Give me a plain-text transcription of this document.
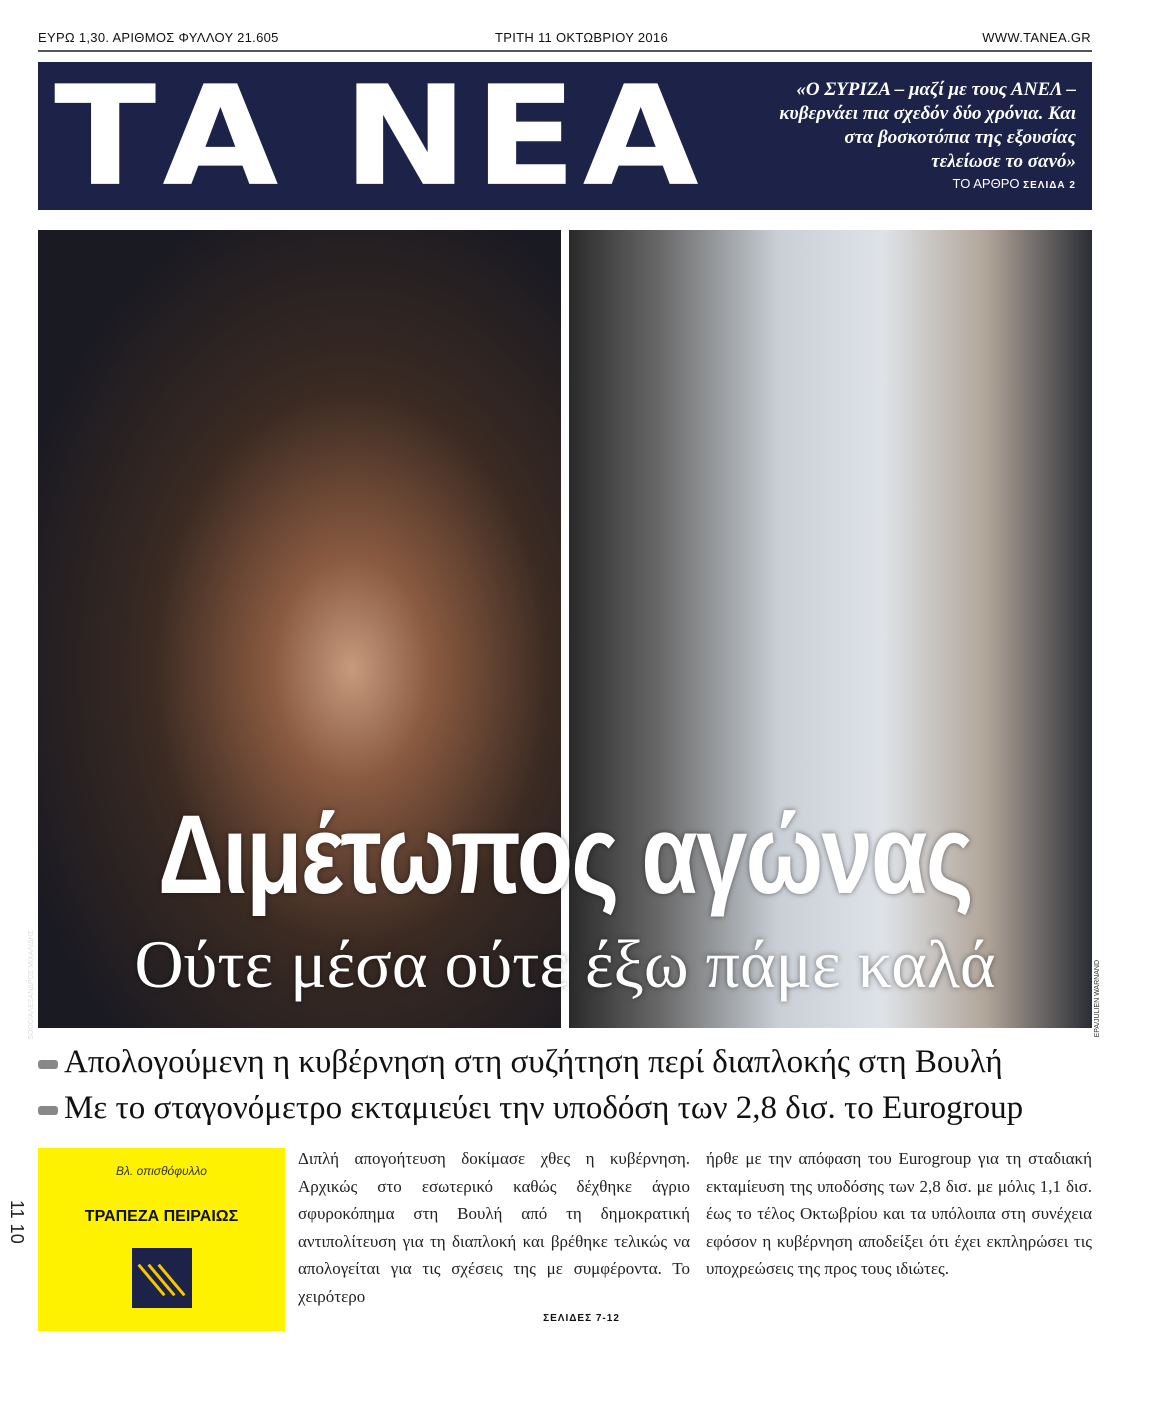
ΕΥΡΩ 1,30. ΑΡΙΘΜΟΣ ΦΥΛΛΟΥ 21.605	ΤΡΙΤΗ 11 ΟΚΤΩΒΡΙΟΥ 2016	WWW.TANEA.GR
ΤΑ ΝΕΑ	«Ο ΣΥΡΙΖΑ – μαζί με τους ΑΝΕΛ – κυβερνάει πια σχεδόν δύο χρόνια. Και στα βοσκοτόπια της εξουσίας τελείωσε το σανό»
ΤΟ ΑΡΘΡΟ ΣΕΛΙΔΑ 2
SOOC/ΑΛΕΞΑΝΔΡΟΣ ΜΙΧΑΛΙΔΗΣ	EPA/JULIEN WARNAND
Διμέτωπος αγώνας
Ούτε μέσα ούτε έξω πάμε καλά
Απολογούμενη η κυβέρνηση στη συζήτηση περί διαπλοκής στη Βουλή
Με το σταγονόμετρο εκταμιεύει την υποδόση των 2,8 δισ. το Eurogroup
11 10
Βλ. οπισθόφυλλο
ΤΡΑΠΕΖΑ ΠΕΙΡΑΙΩΣ
Διπλή απογοήτευση δοκίμασε χθες η κυβέρνηση. Αρχικώς στο εσωτερικό καθώς δέχθηκε άγριο σφυροκόπημα στη Βουλή από τη δημοκρατική αντιπολίτευση για τη διαπλοκή και βρέθηκε τελικώς να απολογείται για τις σχέσεις της με συμφέροντα. Το χειρότερο
ήρθε με την απόφαση του Eurogroup για τη σταδιακή εκταμίευση της υποδόσης των 2,8 δισ. με μόλις 1,1 δισ. έως το τέλος Οκτωβρίου και τα υπόλοιπα στη συνέχεια εφόσον η κυβέρνηση αποδείξει ότι έχει εκπληρώσει τις υποχρεώσεις της προς τους ιδιώτες.
ΣΕΛΙΔΕΣ 7-12
